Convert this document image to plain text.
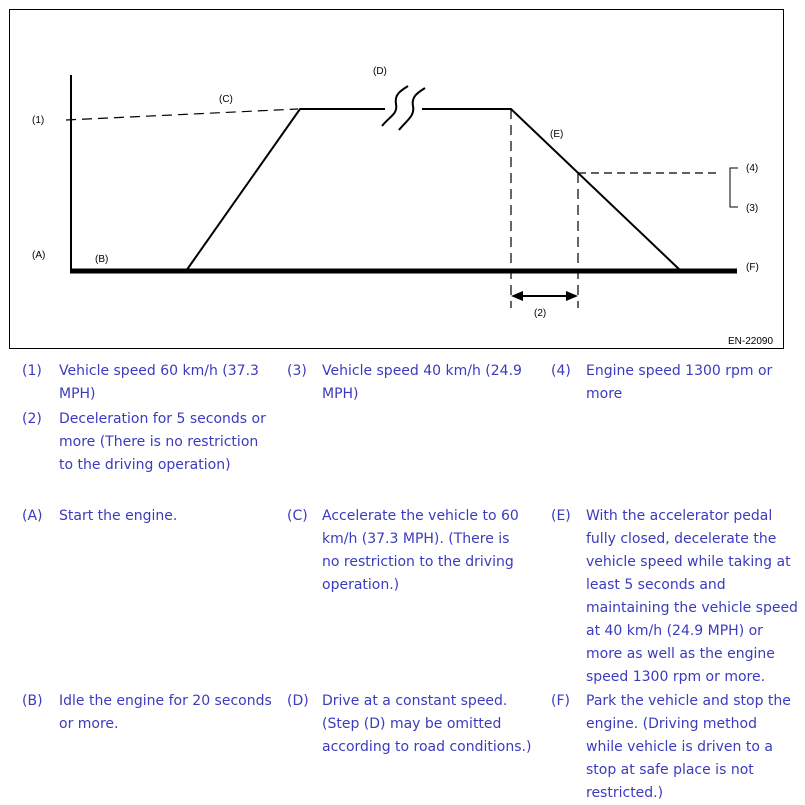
(1)
(A)	(B)
(C)
(D)
(E)
(F)
(4)
(3)
(2)
EN-22090
(1) Vehicle speed 60 km/h (37.3 MPH)
(3) Vehicle speed 40 km/h (24.9 MPH)
(4) Engine speed 1300 rpm or more
(2) Deceleration for 5 seconds or more (There is no restriction to the driving operation)
(A) Start the engine.	(C) Accelerate the vehicle to 60 km/h (37.3 MPH). (There is no restriction to the driving operation.)
(E) With the accelerator pedal fully closed, decelerate the vehicle speed while taking at least 5 seconds and maintaining the vehicle speed at 40 km/h (24.9 MPH) or more as well as the engine speed 1300 rpm or more.
(B) Idle the engine for 20 seconds or more.
(D) Drive at a constant speed. (Step (D) may be omitted according to road conditions.)
(F) Park the vehicle and stop the engine. (Driving method while vehicle is driven to a stop at safe place is not restricted.)
